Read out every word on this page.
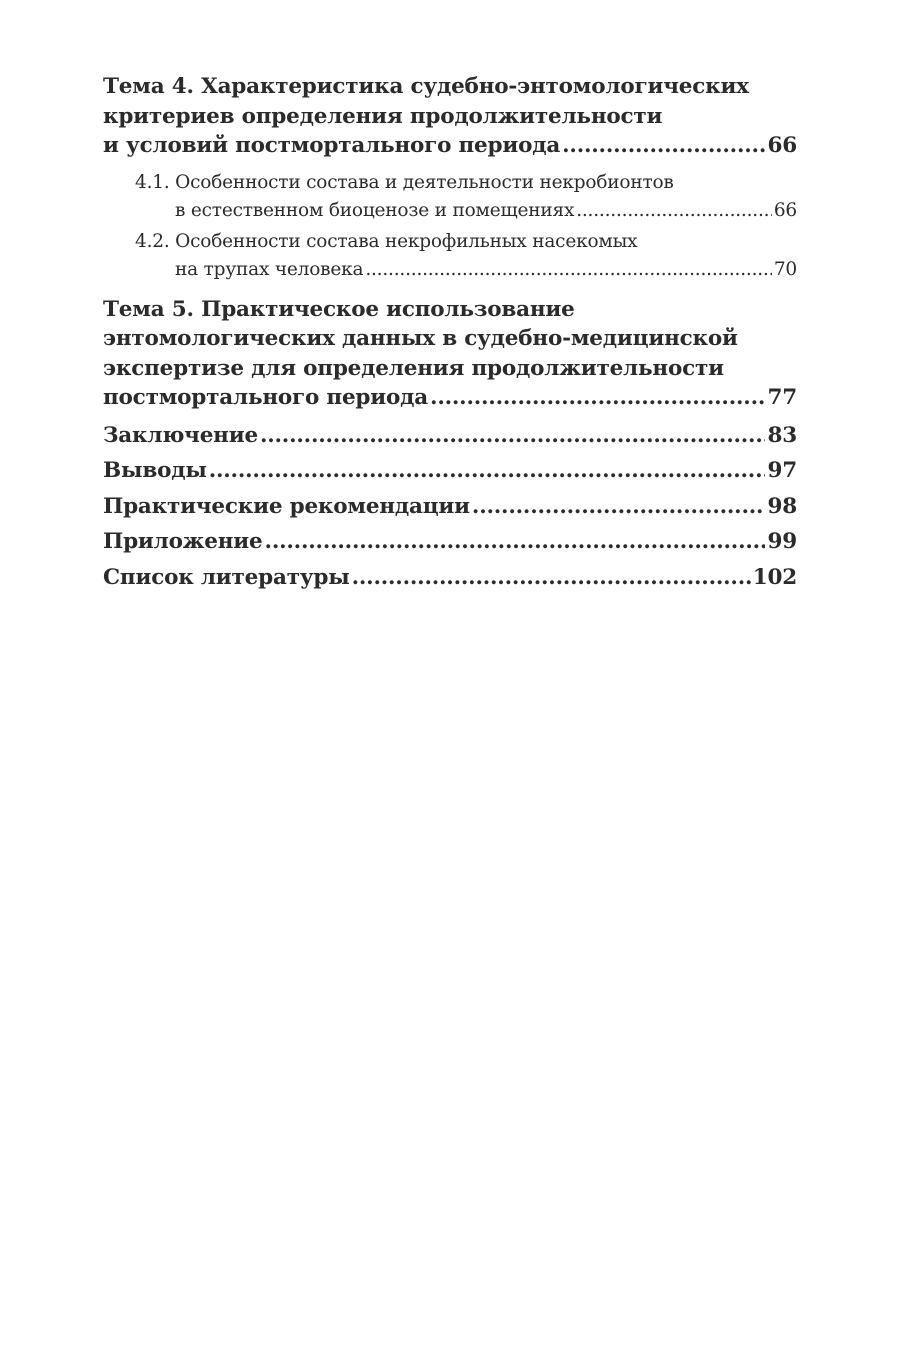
Тема 4. Характеристика судебно-энтомологических
критериев определения продолжительности
и условий постмортального периода .....	66
4.1. Особенности состава и деятельности некробионтов
в естественном биоценозе и помещениях .....	66
4.2. Особенности состава некрофильных насекомых
на трупах человека .....	70
Тема 5. Практическое использование
энтомологических данных в судебно-медицинской
экспертизе для определения продолжительности
постмортального периода .....	77
Заключение .....	83
Выводы .....	97
Практические рекомендации .....	98
Приложение .....	99
Список литературы .....	102
